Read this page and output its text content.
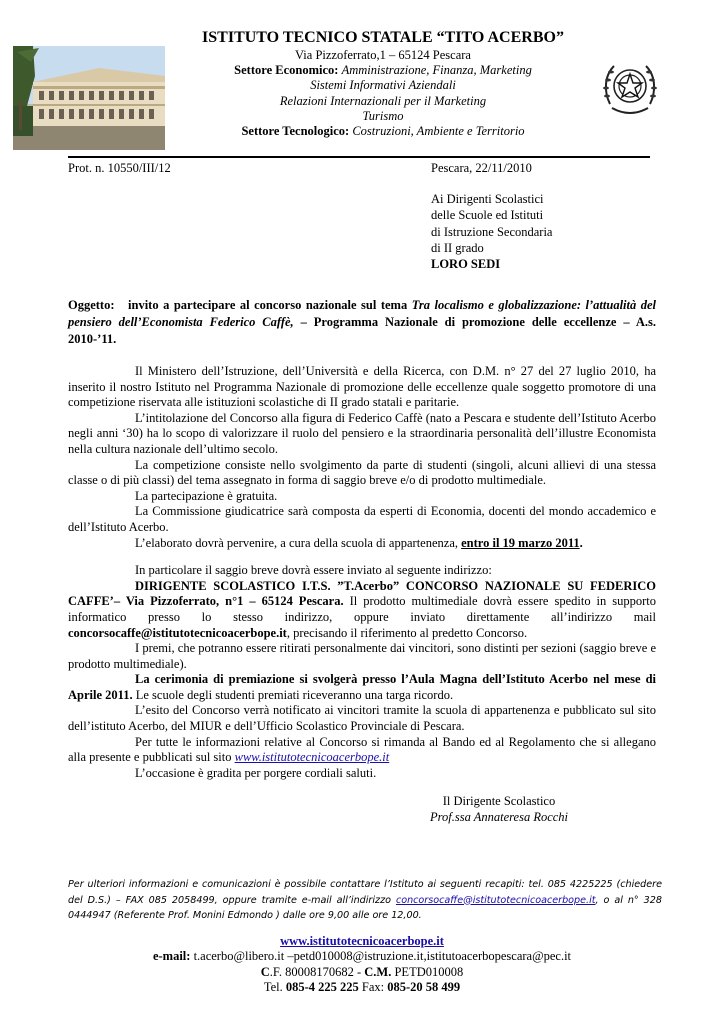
ISTITUTO TECNICO STATALE “TITO ACERBO”
Via Pizzoferrato,1 – 65124 Pescara
Settore Economico: Amministrazione, Finanza, Marketing
Sistemi Informativi Aziendali
Relazioni Internazionali per il Marketing
Turismo
Settore Tecnologico: Costruzioni, Ambiente e Territorio
Prot. n. 10550/III/12	Pescara, 22/11/2010
Ai Dirigenti Scolastici
delle Scuole ed Istituti
di Istruzione Secondaria
di II grado
LORO SEDI
Oggetto: invito a partecipare al concorso nazionale sul tema Tra localismo e globalizzazione: l’attualità del pensiero dell’Economista Federico Caffè, – Programma Nazionale di promozione delle eccellenze – A.s. 2010-’11.

Il Ministero dell’Istruzione, dell’Università e della Ricerca, con D.M. n° 27 del 27 luglio 2010, ha inserito il nostro Istituto nel Programma Nazionale di promozione delle eccellenze quale soggetto promotore di una competizione riservata alle istituzioni scolastiche di II grado statali e paritarie.

L’intitolazione del Concorso alla figura di Federico Caffè (nato a Pescara e studente dell’Istituto Acerbo negli anni ‘30) ha lo scopo di valorizzare il ruolo del pensiero e la straordinaria personalità dell’illustre Economista nella cultura nazionale dell’ultimo secolo.

La competizione consiste nello svolgimento da parte di studenti (singoli, alcuni allievi di una stessa classe o di più classi) del tema assegnato in forma di saggio breve e/o di prodotto multimediale.

La partecipazione è gratuita.

La Commissione giudicatrice sarà composta da esperti di Economia, docenti del mondo accademico e dell’Istituto Acerbo.

L’elaborato dovrà pervenire, a cura della scuola di appartenenza, entro il 19 marzo 2011.

In particolare il saggio breve dovrà essere inviato al seguente indirizzo:

DIRIGENTE SCOLASTICO I.T.S. ”T.Acerbo” CONCORSO NAZIONALE SU FEDERICO CAFFE’– Via Pizzoferrato, n°1 – 65124 Pescara. Il prodotto multimediale dovrà essere spedito in supporto informatico presso lo stesso indirizzo, oppure inviato direttamente all’indirizzo mail concorsocaffe@istitutotecnicoacerbope.it, precisando il riferimento al predetto Concorso.

I premi, che potranno essere ritirati personalmente dai vincitori, sono distinti per sezioni (saggio breve e prodotto multimediale).

La cerimonia di premiazione si svolgerà presso l’Aula Magna dell’Istituto Acerbo nel mese di Aprile 2011. Le scuole degli studenti premiati riceveranno una targa ricordo.

L’esito del Concorso verrà notificato ai vincitori tramite la scuola di appartenenza e pubblicato sul sito dell’istituto Acerbo, del MIUR e dell’Ufficio Scolastico Provinciale di Pescara.

Per tutte le informazioni relative al Concorso si rimanda al Bando ed al Regolamento che si allegano alla presente e pubblicati sul sito www.istitutotecnicoacerbope.it

L’occasione è gradita per porgere cordiali saluti.

Il Dirigente Scolastico
Prof.ssa Annateresa Rocchi
Per ulteriori informazioni e comunicazioni è possibile contattare l’Istituto ai seguenti recapiti: tel. 085 4225225 (chiedere del D.S.) – FAX 085 2058499, oppure tramite e-mail all’indirizzo concorsocaffe@istitutotecnicoacerbope.it, o al n° 328 0444947 (Referente Prof. Monini Edmondo ) dalle ore 9,00 alle ore 12,00.
www.istitutotecnicoacerbope.it
e-mail: t.acerbo@libero.it –petd010008@istruzione.it,istitutoacerbopescara@pec.it
C.F. 80008170682 - C.M. PETD010008
Tel. 085-4 225 225 Fax: 085-20 58 499
